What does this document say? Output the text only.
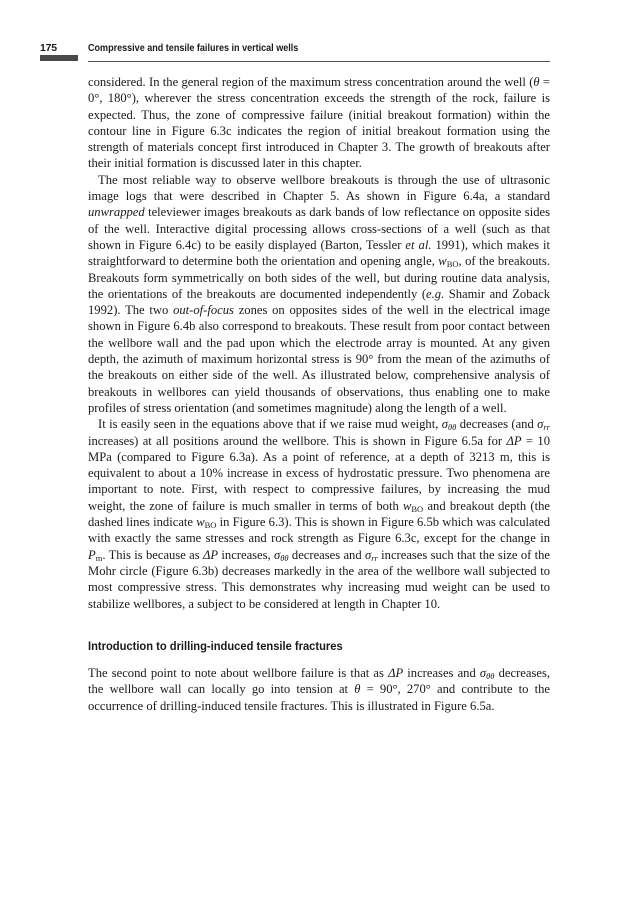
175	Compressive and tensile failures in vertical wells

considered. In the general region of the maximum stress concentration around the well (θ = 0°, 180°), wherever the stress concentration exceeds the strength of the rock, failure is expected. Thus, the zone of compressive failure (initial breakout formation) within the contour line in Figure 6.3c indicates the region of initial breakout formation using the strength of materials concept first introduced in Chapter 3. The growth of breakouts after their initial formation is discussed later in this chapter.

The most reliable way to observe wellbore breakouts is through the use of ultrasonic image logs that were described in Chapter 5. As shown in Figure 6.4a, a standard unwrapped televiewer images breakouts as dark bands of low reflectance on opposite sides of the well. Interactive digital processing allows cross-sections of a well (such as that shown in Figure 6.4c) to be easily displayed (Barton, Tessler et al. 1991), which makes it straightforward to determine both the orientation and opening angle, $w_{BO}$, of the breakouts. Breakouts form symmetrically on both sides of the well, but during routine data analysis, the orientations of the breakouts are documented independently (e.g. Shamir and Zoback 1992). The two out-of-focus zones on opposites sides of the well in the electrical image shown in Figure 6.4b also correspond to breakouts. These result from poor contact between the wellbore wall and the pad upon which the electrode array is mounted. At any given depth, the azimuth of maximum horizontal stress is 90° from the mean of the azimuths of the breakouts on either side of the well. As illustrated below, comprehensive analysis of breakouts in wellbores can yield thousands of observations, thus enabling one to make profiles of stress orientation (and sometimes magnitude) along the length of a well.

It is easily seen in the equations above that if we raise mud weight, $\sigma_{\theta\theta}$ decreases (and $\sigma_{rr}$ increases) at all positions around the wellbore. This is shown in Figure 6.5a for ΔP = 10 MPa (compared to Figure 6.3a). As a point of reference, at a depth of 3213 m, this is equivalent to about a 10% increase in excess of hydrostatic pressure. Two phenomena are important to note. First, with respect to compressive failures, by increasing the mud weight, the zone of failure is much smaller in terms of both $w_{BO}$ and breakout depth (the dashed lines indicate $w_{BO}$ in Figure 6.3). This is shown in Figure 6.5b which was calculated with exactly the same stresses and rock strength as Figure 6.3c, except for the change in $P_m$. This is because as ΔP increases, $\sigma_{\theta\theta}$ decreases and $\sigma_{rr}$ increases such that the size of the Mohr circle (Figure 6.3b) decreases markedly in the area of the wellbore wall subjected to most compressive stress. This demonstrates why increasing mud weight can be used to stabilize wellbores, a subject to be considered at length in Chapter 10.

Introduction to drilling-induced tensile fractures

The second point to note about wellbore failure is that as ΔP increases and $\sigma_{\theta\theta}$ decreases, the wellbore wall can locally go into tension at θ = 90°, 270° and contribute to the occurrence of drilling-induced tensile fractures. This is illustrated in Figure 6.5a.
